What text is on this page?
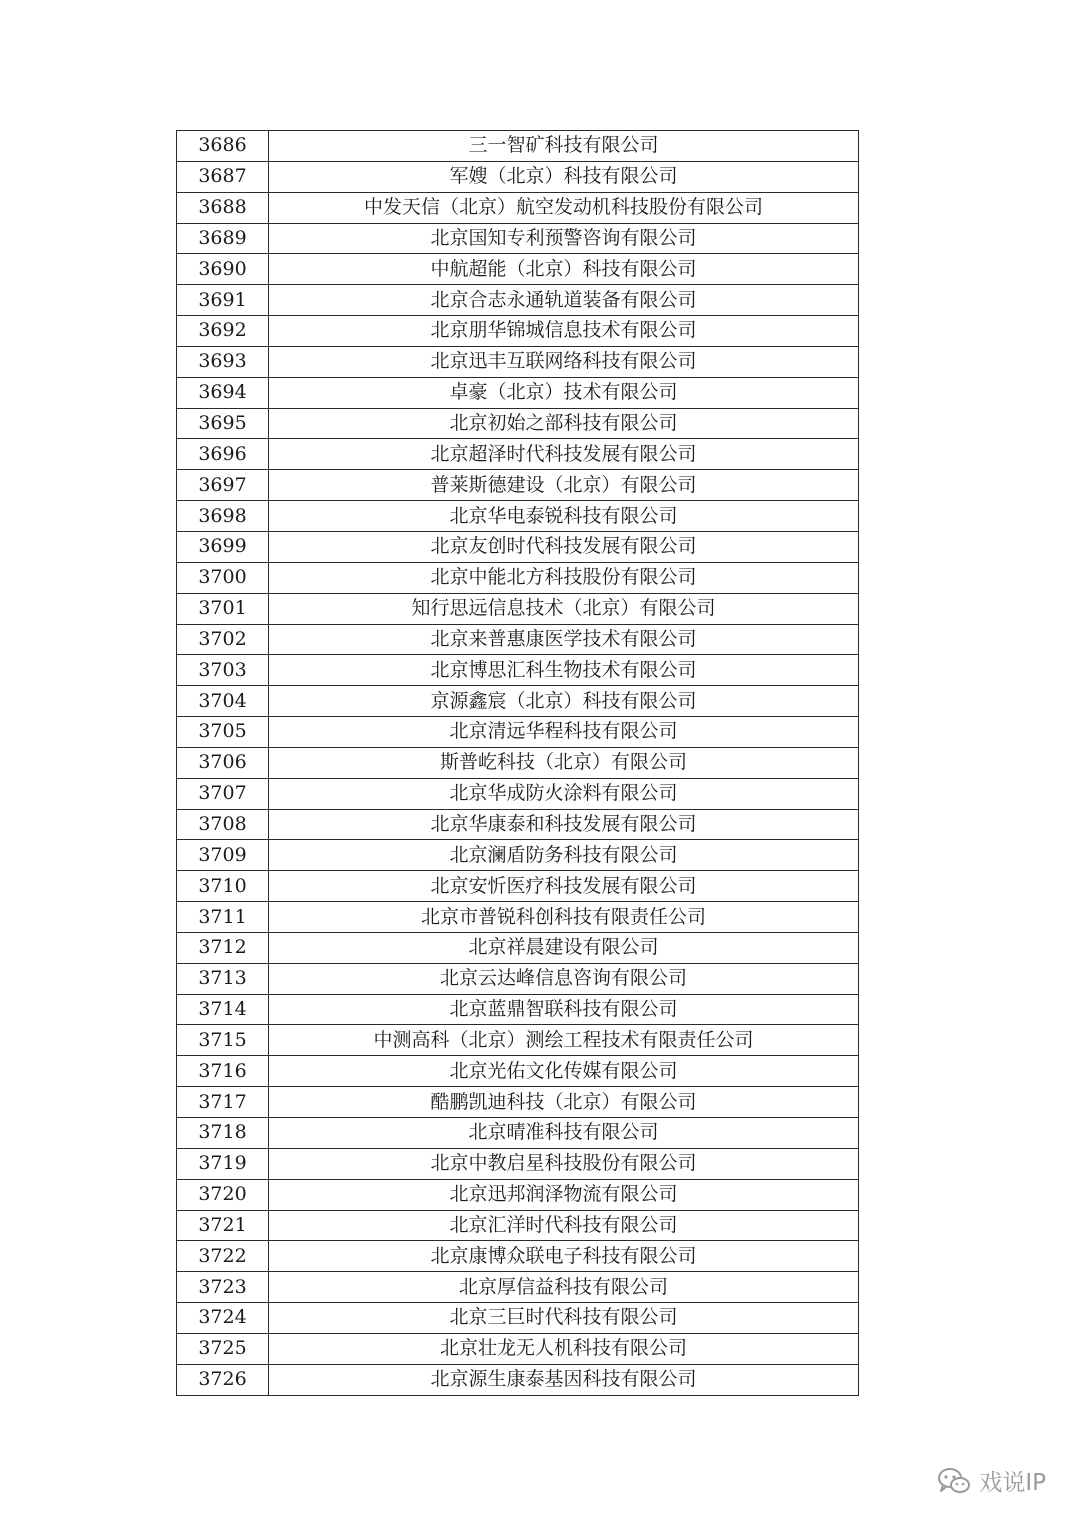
3686	三一智矿科技有限公司
3687	军嫂（北京）科技有限公司
3688	中发天信（北京）航空发动机科技股份有限公司
3689	北京国知专利预警咨询有限公司
3690	中航超能（北京）科技有限公司
3691	北京合志永通轨道装备有限公司
3692	北京朋华锦城信息技术有限公司
3693	北京迅丰互联网络科技有限公司
3694	卓豪（北京）技术有限公司
3695	北京初始之部科技有限公司
3696	北京超泽时代科技发展有限公司
3697	普莱斯德建设（北京）有限公司
3698	北京华电泰锐科技有限公司
3699	北京友创时代科技发展有限公司
3700	北京中能北方科技股份有限公司
3701	知行思远信息技术（北京）有限公司
3702	北京来普惠康医学技术有限公司
3703	北京博思汇科生物技术有限公司
3704	京源鑫宸（北京）科技有限公司
3705	北京清远华程科技有限公司
3706	斯普屹科技（北京）有限公司
3707	北京华成防火涂料有限公司
3708	北京华康泰和科技发展有限公司
3709	北京澜盾防务科技有限公司
3710	北京安忻医疗科技发展有限公司
3711	北京市普锐科创科技有限责任公司
3712	北京祥晨建设有限公司
3713	北京云达峰信息咨询有限公司
3714	北京蓝鼎智联科技有限公司
3715	中测高科（北京）测绘工程技术有限责任公司
3716	北京光佑文化传媒有限公司
3717	酷鹏凯迪科技（北京）有限公司
3718	北京晴准科技有限公司
3719	北京中教启星科技股份有限公司
3720	北京迅邦润泽物流有限公司
3721	北京汇洋时代科技有限公司
3722	北京康博众联电子科技有限公司
3723	北京厚信益科技有限公司
3724	北京三巨时代科技有限公司
3725	北京壮龙无人机科技有限公司
3726	北京源生康泰基因科技有限公司
戏说IP
